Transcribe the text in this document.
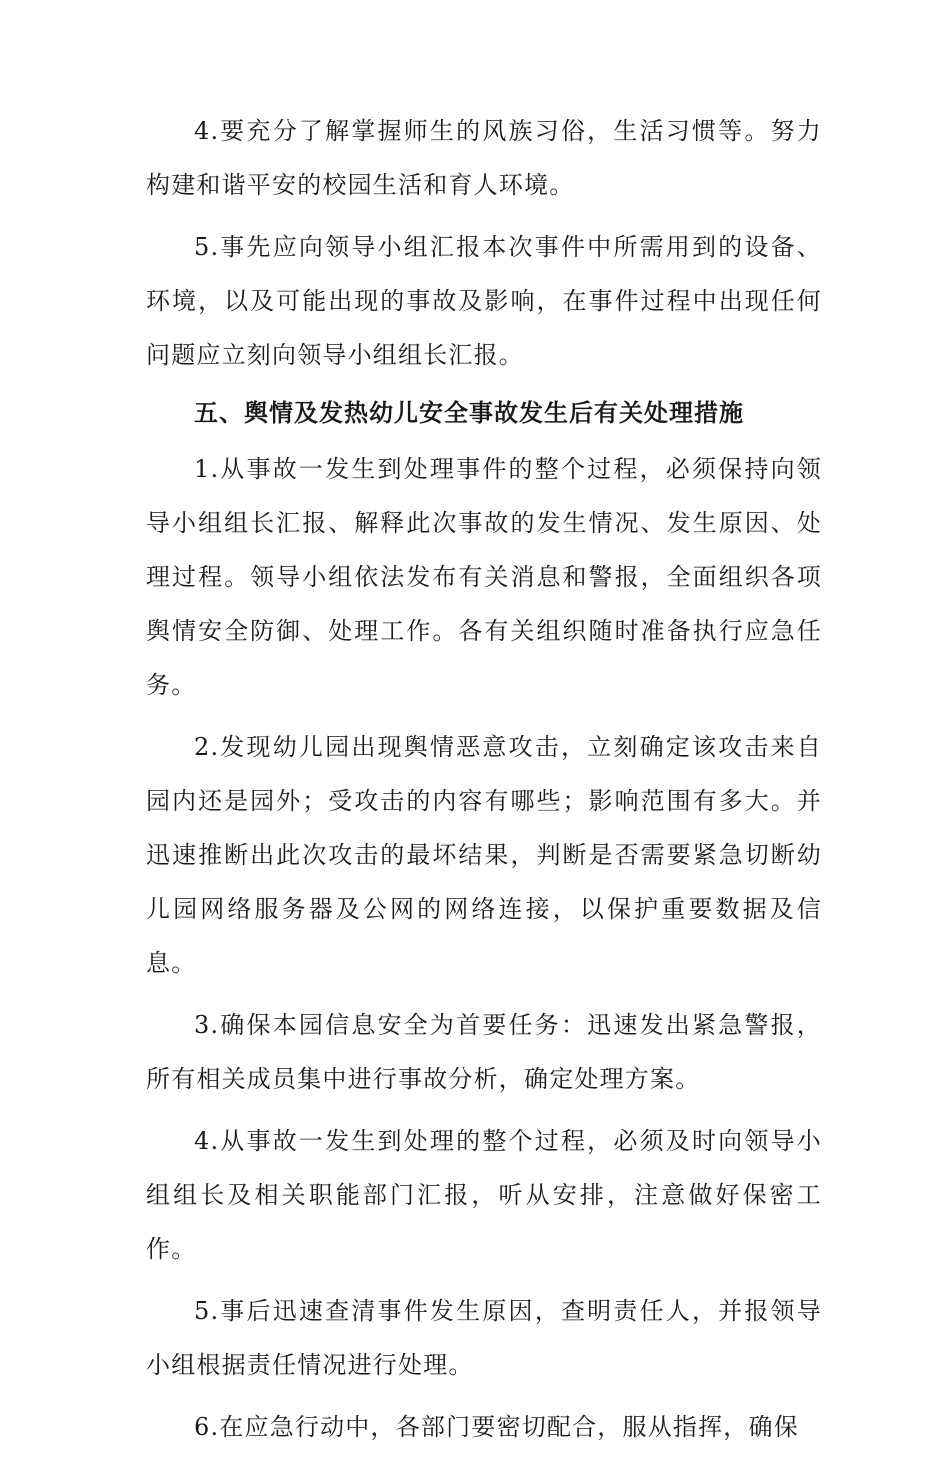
4.要充分了解掌握师生的风族习俗，生活习惯等。努力构建和谐平安的校园生活和育人环境。

5.事先应向领导小组汇报本次事件中所需用到的设备、环境，以及可能出现的事故及影响，在事件过程中出现任何问题应立刻向领导小组组长汇报。

五、舆情及发热幼儿安全事故发生后有关处理措施

1.从事故一发生到处理事件的整个过程，必须保持向领导小组组长汇报、解释此次事故的发生情况、发生原因、处理过程。领导小组依法发布有关消息和警报，全面组织各项舆情安全防御、处理工作。各有关组织随时准备执行应急任务。

2.发现幼儿园出现舆情恶意攻击，立刻确定该攻击来自园内还是园外；受攻击的内容有哪些；影响范围有多大。并迅速推断出此次攻击的最坏结果，判断是否需要紧急切断幼儿园网络服务器及公网的网络连接，以保护重要数据及信息。

3.确保本园信息安全为首要任务：迅速发出紧急警报，所有相关成员集中进行事故分析，确定处理方案。

4.从事故一发生到处理的整个过程，必须及时向领导小组组长及相关职能部门汇报，听从安排，注意做好保密工作。

5.事后迅速查清事件发生原因，查明责任人，并报领导小组根据责任情况进行处理。

6.在应急行动中，各部门要密切配合，服从指挥，确保
